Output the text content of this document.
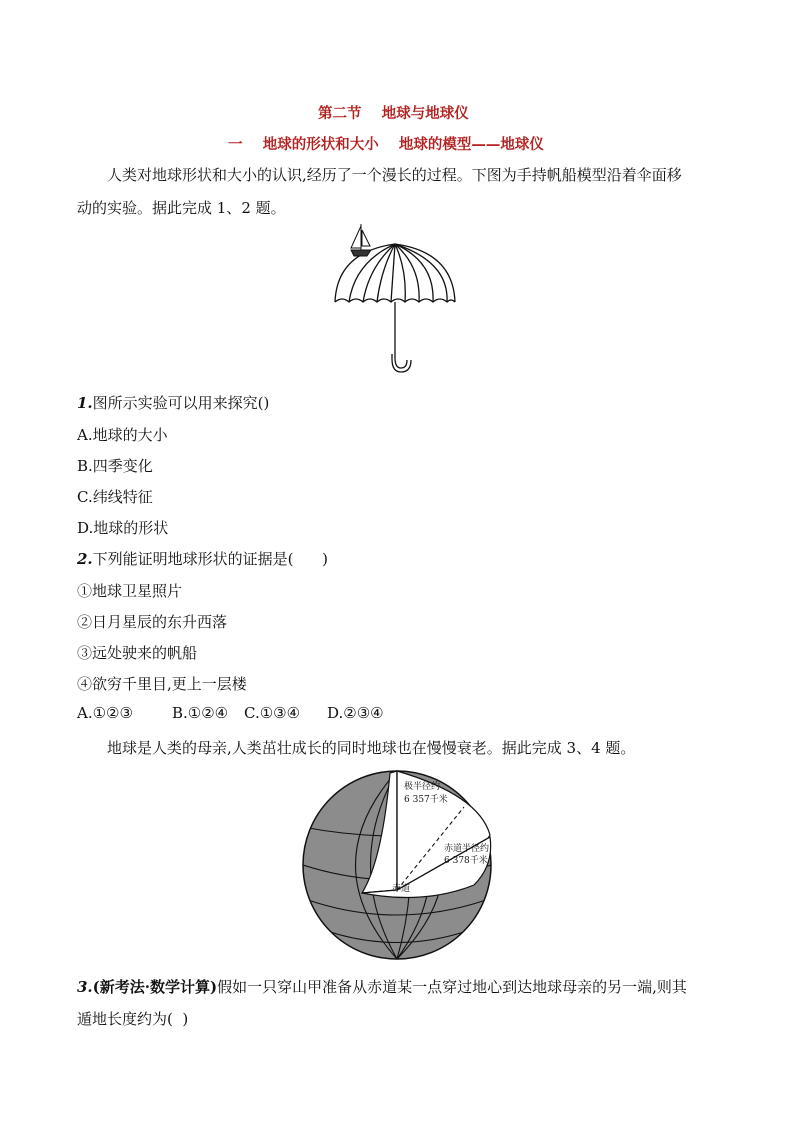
第二节    地球与地球仪
一    地球的形状和大小    地球的模型——地球仪
人类对地球形状和大小的认识,经历了一个漫长的过程。下图为手持帆船模型沿着伞面移
动的实验。据此完成 1、2 题。
1.图所示实验可以用来探究()
A.地球的大小
B.四季变化
C.纬线特征
D.地球的形状
2.下列能证明地球形状的证据是(      )
①地球卫星照片
②日月星辰的东升西落
③远处驶来的帆船
④欲穷千里目,更上一层楼
A.①②③	B.①②④ C.①③④ D.②③④
地球是人类的母亲,人类茁壮成长的同时地球也在慢慢衰老。据此完成 3、4 题。
极半径约
6 357千米
赤道半径约
6 378千米
赤道
3.(新考法·数学计算)假如一只穿山甲准备从赤道某一点穿过地心到达地球母亲的另一端,则其
遁地长度约为(  )
